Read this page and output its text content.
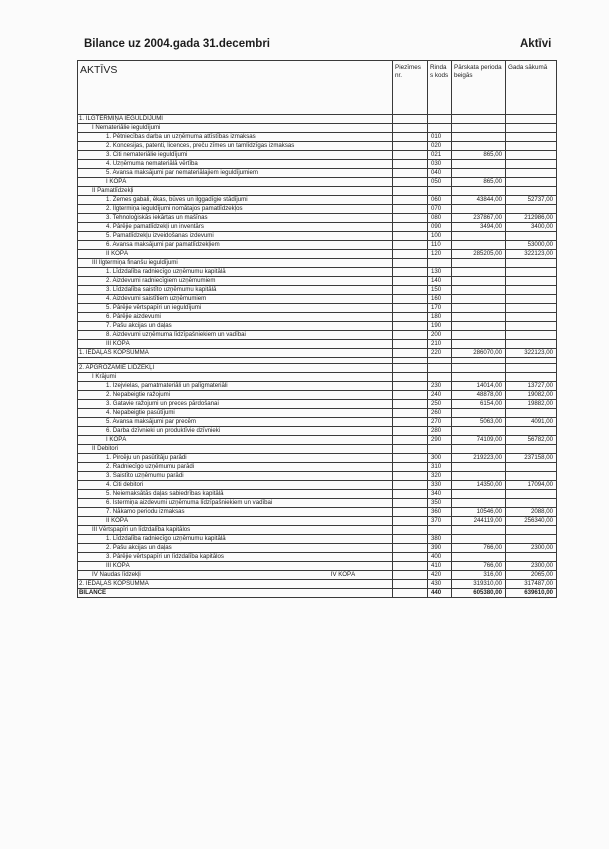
Bilance uz 2004.gada 31.decembri	Aktīvi
AKTĪVS	Piezīmes nr.	Rinda s kods	Pārskata perioda beigās	Gada sākumā
1. ILGTERMIŅA IEGULDĪJUMI				
I Nemateriālie ieguldījumi				
1. Pētniecības darba un uzņēmuma attīstības izmaksas		010		
2. Koncesijas, patenti, licences, preču zīmes un tamlīdzīgas izmaksas		020		
3. Citi nemateriālie ieguldījumi		021	865,00	
4. Uzņēmuma nemateriālā vērtība		030		
5. Avansa maksājumi par nemateriālajiem ieguldījumiem		040		
I KOPĀ		050	865,00	
II Pamatlīdzekļi				
1. Zemes gabali, ēkas, būves un ilggadīgie stādījumi		060	43844,00	52737,00
2. Ilgtermiņa ieguldījumi nomātajos pamatlīdzekļos		070		
3. Tehnoloģiskās iekārtas un mašīnas		080	237867,00	212986,00
4. Pārējie pamatlīdzekļi un inventārs		090	3494,00	3400,00
5. Pamatlīdzekļu izveidošanas izdevumi		100		
6. Avansa maksājumi par pamatlīdzekļiem		110		53000,00
II KOPĀ		120	285205,00	322123,00
III Ilgtermiņa finanšu ieguldījumi				
1. Līdzdalība radniecīgo uzņēmumu kapitālā		130		
2. Aizdevumi radniecīgiem uzņēmumiem		140		
3. Līdzdalība saistīto uzņēmumu kapitālā		150		
4. Aizdevumi saistītiem uzņēmumiem		160		
5. Pārējie vērtspapīri un ieguldījumi		170		
6. Pārējie aizdevumi		180		
7. Pašu akcijas un daļas		190		
8. Aizdevumi uzņēmuma līdzīpašniekiem un vadībai		200		
III KOPĀ		210		
1. IEDAĻAS KOPSUMMA		220	286070,00	322123,00

2. APGROZĀMIE LĪDZEKĻI				
I Krājumi				
1. Izejvielas, pamatmateriāli un palīgmateriāli		230	14014,00	13727,00
2. Nepabeigtie ražojumi		240	48878,00	19082,00
3. Gatavie ražojumi un preces pārdošanai		250	6154,00	19882,00
4. Nepabeigtie pasūtījumi		260		
5. Avansa maksājumi par precēm		270	5063,00	4091,00
6. Darba dzīvnieki un produktīvie dzīvnieki		280		
I KOPĀ		290	74109,00	56782,00
II Debitori				
1. Pircēju un pasūtītāju parādi		300	219223,00	237158,00
2. Radniecīgo uzņēmumu parādi		310		
3. Saistīto uzņēmumu parādi		320		
4. Citi debitori		330	14350,00	17094,00
5. Neiemaksātās daļas sabiedrības kapitālā		340		
6. Īstermiņa aizdevumi uzņēmuma līdzīpašniekiem un vadībai		350		
7. Nākamo periodu izmaksas		360	10546,00	2088,00
II KOPĀ		370	244119,00	256340,00
III Vērtspapīri un līdzdalība kapitālos				
1. Līdzdalība radniecīgo uzņēmumu kapitālā		380		
2. Pašu akcijas un daļas		390	766,00	2300,00
3. Pārējie vērtspapīri un līdzdalība kapitālos		400		
III KOPĀ		410	766,00	2300,00
IV Naudas līdzekļi IV KOPĀ		420	316,00	2065,00
2. IEDAĻAS KOPSUMMA		430	319310,00	317487,00
BILANCE		440	605380,00	639610,00
